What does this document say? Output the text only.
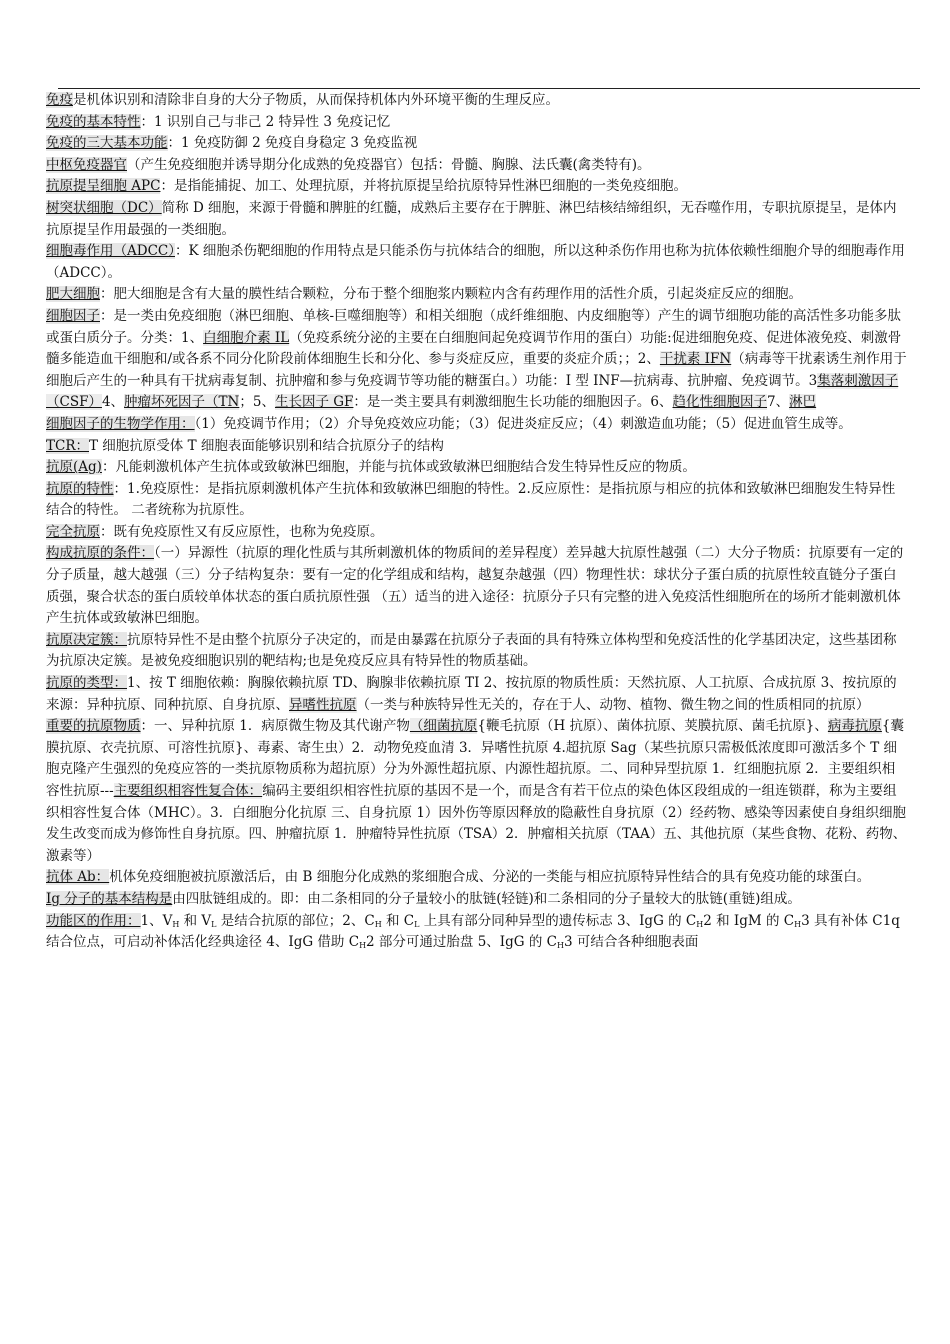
免疫是机体识别和清除非自身的大分子物质，从而保持机体内外环境平衡的生理反应。

免疫的基本特性：1 识别自己与非己 2 特异性 3 免疫记忆

免疫的三大基本功能：1 免疫防御 2 免疫自身稳定 3 免疫监视

中枢免疫器官（产生免疫细胞并诱导期分化成熟的免疫器官）包括：骨髓、胸腺、法氏囊(禽类特有)。

抗原提呈细胞 APC：是指能捕捉、加工、处理抗原，并将抗原提呈给抗原特异性淋巴细胞的一类免疫细胞。

树突状细胞（DC）简称 D 细胞，来源于骨髓和脾脏的红髓，成熟后主要存在于脾脏、淋巴结核结缔组织，无吞噬作用，专职抗原提呈，是体内抗原提呈作用最强的一类细胞。

细胞毒作用（ADCC）：K 细胞杀伤靶细胞的作用特点是只能杀伤与抗体结合的细胞，所以这种杀伤作用也称为抗体依赖性细胞介导的细胞毒作用（ADCC）。

肥大细胞：肥大细胞是含有大量的膜性结合颗粒，分布于整个细胞浆内颗粒内含有药理作用的活性介质，引起炎症反应的细胞。

细胞因子：是一类由免疫细胞（淋巴细胞、单核-巨噬细胞等）和相关细胞（成纤维细胞、内皮细胞等）产生的调节细胞功能的高活性多功能多肽或蛋白质分子。分类：1、白细胞介素 IL（免疫系统分泌的主要在白细胞间起免疫调节作用的蛋白）功能:促进细胞免疫、促进体液免疫、刺激骨髓多能造血干细胞和/或各系不同分化阶段前体细胞生长和分化、参与炎症反应，重要的炎症介质；；2、干扰素 IFN（病毒等干扰素诱生剂作用于细胞后产生的一种具有干扰病毒复制、抗肿瘤和参与免疫调节等功能的糖蛋白。）功能：I 型 INF—抗病毒、抗肿瘤、免疫调节。3集落刺激因子（CSF）4、肿瘤坏死因子（TN；5、生长因子 GF：是一类主要具有刺激细胞生长功能的细胞因子。6、趋化性细胞因子7、淋巴
细胞因子的生物学作用：（1）免疫调节作用；（2）介导免疫效应功能；（3）促进炎症反应；（4）刺激造血功能；（5）促进血管生成等。

TCR：T 细胞抗原受体 T 细胞表面能够识别和结合抗原分子的结构

抗原(Ag)：凡能刺激机体产生抗体或致敏淋巴细胞，并能与抗体或致敏淋巴细胞结合发生特异性反应的物质。

抗原的特性：1.免疫原性：是指抗原刺激机体产生抗体和致敏淋巴细胞的特性。2.反应原性：是指抗原与相应的抗体和致敏淋巴细胞发生特异性结合的特性。 二者统称为抗原性。

完全抗原：既有免疫原性又有反应原性，也称为免疫原。

构成抗原的条件：（一）异源性（抗原的理化性质与其所刺激机体的物质间的差异程度）差异越大抗原性越强（二）大分子物质：抗原要有一定的分子质量，越大越强（三）分子结构复杂：要有一定的化学组成和结构，越复杂越强（四）物理性状：球状分子蛋白质的抗原性较直链分子蛋白质强，聚合状态的蛋白质较单体状态的蛋白质抗原性强 （五）适当的进入途径：抗原分子只有完整的进入免疫活性细胞所在的场所才能刺激机体产生抗体或致敏淋巴细胞。

抗原决定簇：抗原特异性不是由整个抗原分子决定的，而是由暴露在抗原分子表面的具有特殊立体构型和免疫活性的化学基团决定，这些基团称为抗原决定簇。是被免疫细胞识别的靶结构;也是免疫反应具有特异性的物质基础。

抗原的类型：1、按 T 细胞依赖：胸腺依赖抗原 TD、胸腺非依赖抗原 TI 2、按抗原的物质性质：天然抗原、人工抗原、合成抗原 3、按抗原的来源：异种抗原、同种抗原、自身抗原、异嗜性抗原（一类与种族特异性无关的，存在于人、动物、植物、微生物之间的性质相同的抗原）

重要的抗原物质：一、异种抗原 1．病原微生物及其代谢产物（细菌抗原{鞭毛抗原（H 抗原）、菌体抗原、荚膜抗原、菌毛抗原}、病毒抗原{囊膜抗原、衣壳抗原、可溶性抗原}、毒素、寄生虫）2．动物免疫血清 3．异嗜性抗原 4.超抗原 Sag（某些抗原只需极低浓度即可激活多个 T 细胞克隆产生强烈的免疫应答的一类抗原物质称为超抗原）分为外源性超抗原、内源性超抗原。二、同种异型抗原 1．红细胞抗原 2．主要组织相容性抗原---主要组织相容性复合体：编码主要组织相容性抗原的基因不是一个，而是含有若干位点的染色体区段组成的一组连锁群，称为主要组织相容性复合体（MHC）。3．白细胞分化抗原 三、自身抗原 1）因外伤等原因释放的隐蔽性自身抗原（2）经药物、感染等因素使自身组织细胞发生改变而成为修饰性自身抗原。四、肿瘤抗原 1．肿瘤特异性抗原（TSA）2．肿瘤相关抗原（TAA）五、其他抗原（某些食物、花粉、药物、激素等）

抗体 Ab：机体免疫细胞被抗原激活后，由 B 细胞分化成熟的浆细胞合成、分泌的一类能与相应抗原特异性结合的具有免疫功能的球蛋白。

Ig 分子的基本结构是由四肽链组成的。即：由二条相同的分子量较小的肽链(轻链)和二条相同的分子量较大的肽链(重链)组成。

功能区的作用：1、$V_H$ 和 $V_L$ 是结合抗原的部位；2、$C_H$ 和 $C_L$ 上具有部分同种异型的遗传标志 3、IgG 的 $C_H2$ 和 IgM 的 $C_H3$ 具有补体 C1q 结合位点，可启动补体活化经典途径 4、IgG 借助 $C_H2$ 部分可通过胎盘 5、IgG 的 $C_H3$ 可结合各种细胞表面
